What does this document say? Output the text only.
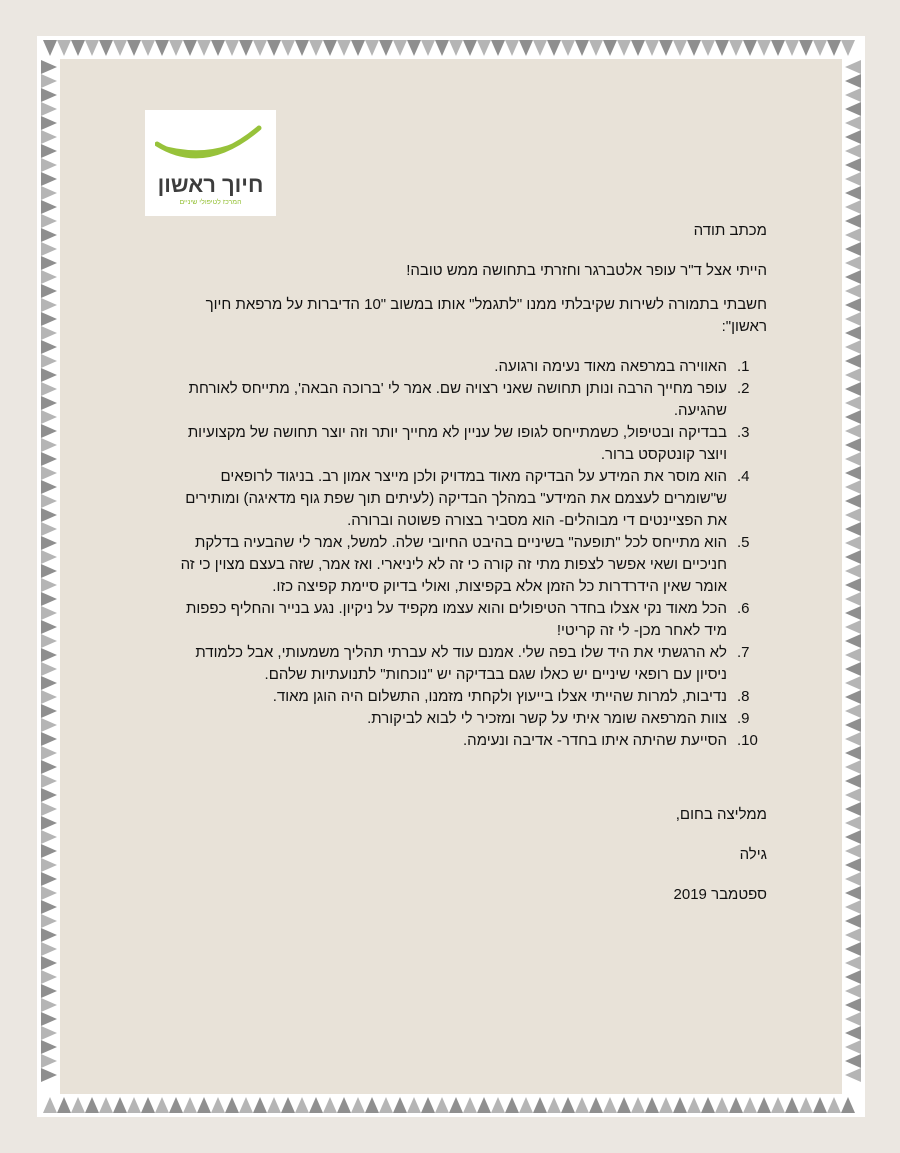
חיוך ראשון
המרכז לטיפולי שיניים

מכתב תודה

הייתי אצל ד"ר עופר אלטברגר וחזרתי בתחושה ממש טובה!

חשבתי בתמורה לשירות שקיבלתי ממנו "לתגמל" אותו במשוב "10 הדיברות על מרפאת חיוך

ראשון":

1.
האווירה במרפאה מאוד נעימה ורגועה.
2.
עופר מחייך הרבה ונותן תחושה שאני רצויה שם. אמר לי 'ברוכה הבאה', מתייחס לאורחת
שהגיעה.
3.
בבדיקה ובטיפול, כשמתייחס לגופו של עניין לא מחייך יותר וזה יוצר תחושה של מקצועיות
ויוצר קונטקסט ברור.
4.
הוא מוסר את המידע על הבדיקה מאוד במדויק ולכן מייצר אמון רב. בניגוד לרופאים
ש"שומרים לעצמם את המידע" במהלך הבדיקה (לעיתים תוך שפת גוף מדאיגה) ומותירים
את הפציינטים די מבוהלים- הוא מסביר בצורה פשוטה וברורה.
5.
הוא מתייחס לכל "תופעה" בשיניים בהיבט החיובי שלה. למשל, אמר לי שהבעיה בדלקת
חניכיים ושאי אפשר לצפות מתי זה קורה כי זה לא ליניארי. ואז אמר, שזה בעצם מצוין כי זה
אומר שאין הידרדרות כל הזמן אלא בקפיצות, ואולי בדיוק סיימת קפיצה כזו.
6.
הכל מאוד נקי אצלו בחדר הטיפולים והוא עצמו מקפיד על ניקיון. נגע בנייר והחליף כפפות
מיד לאחר מכן- לי זה קריטי!
7.
לא הרגשתי את היד שלו בפה שלי. אמנם עוד לא עברתי תהליך משמעותי, אבל כלמודת
ניסיון עם רופאי שיניים יש כאלו שגם בבדיקה יש "נוכחות" לתנועתיות שלהם.
8.
נדיבות, למרות שהייתי אצלו בייעוץ ולקחתי מזמנו, התשלום היה הוגן מאוד.
9.
צוות המרפאה שומר איתי על קשר ומזכיר לי לבוא לביקורת.
10.
הסייעת שהיתה איתו בחדר- אדיבה ונעימה.

ממליצה בחום,

גילה

ספטמבר 2019
